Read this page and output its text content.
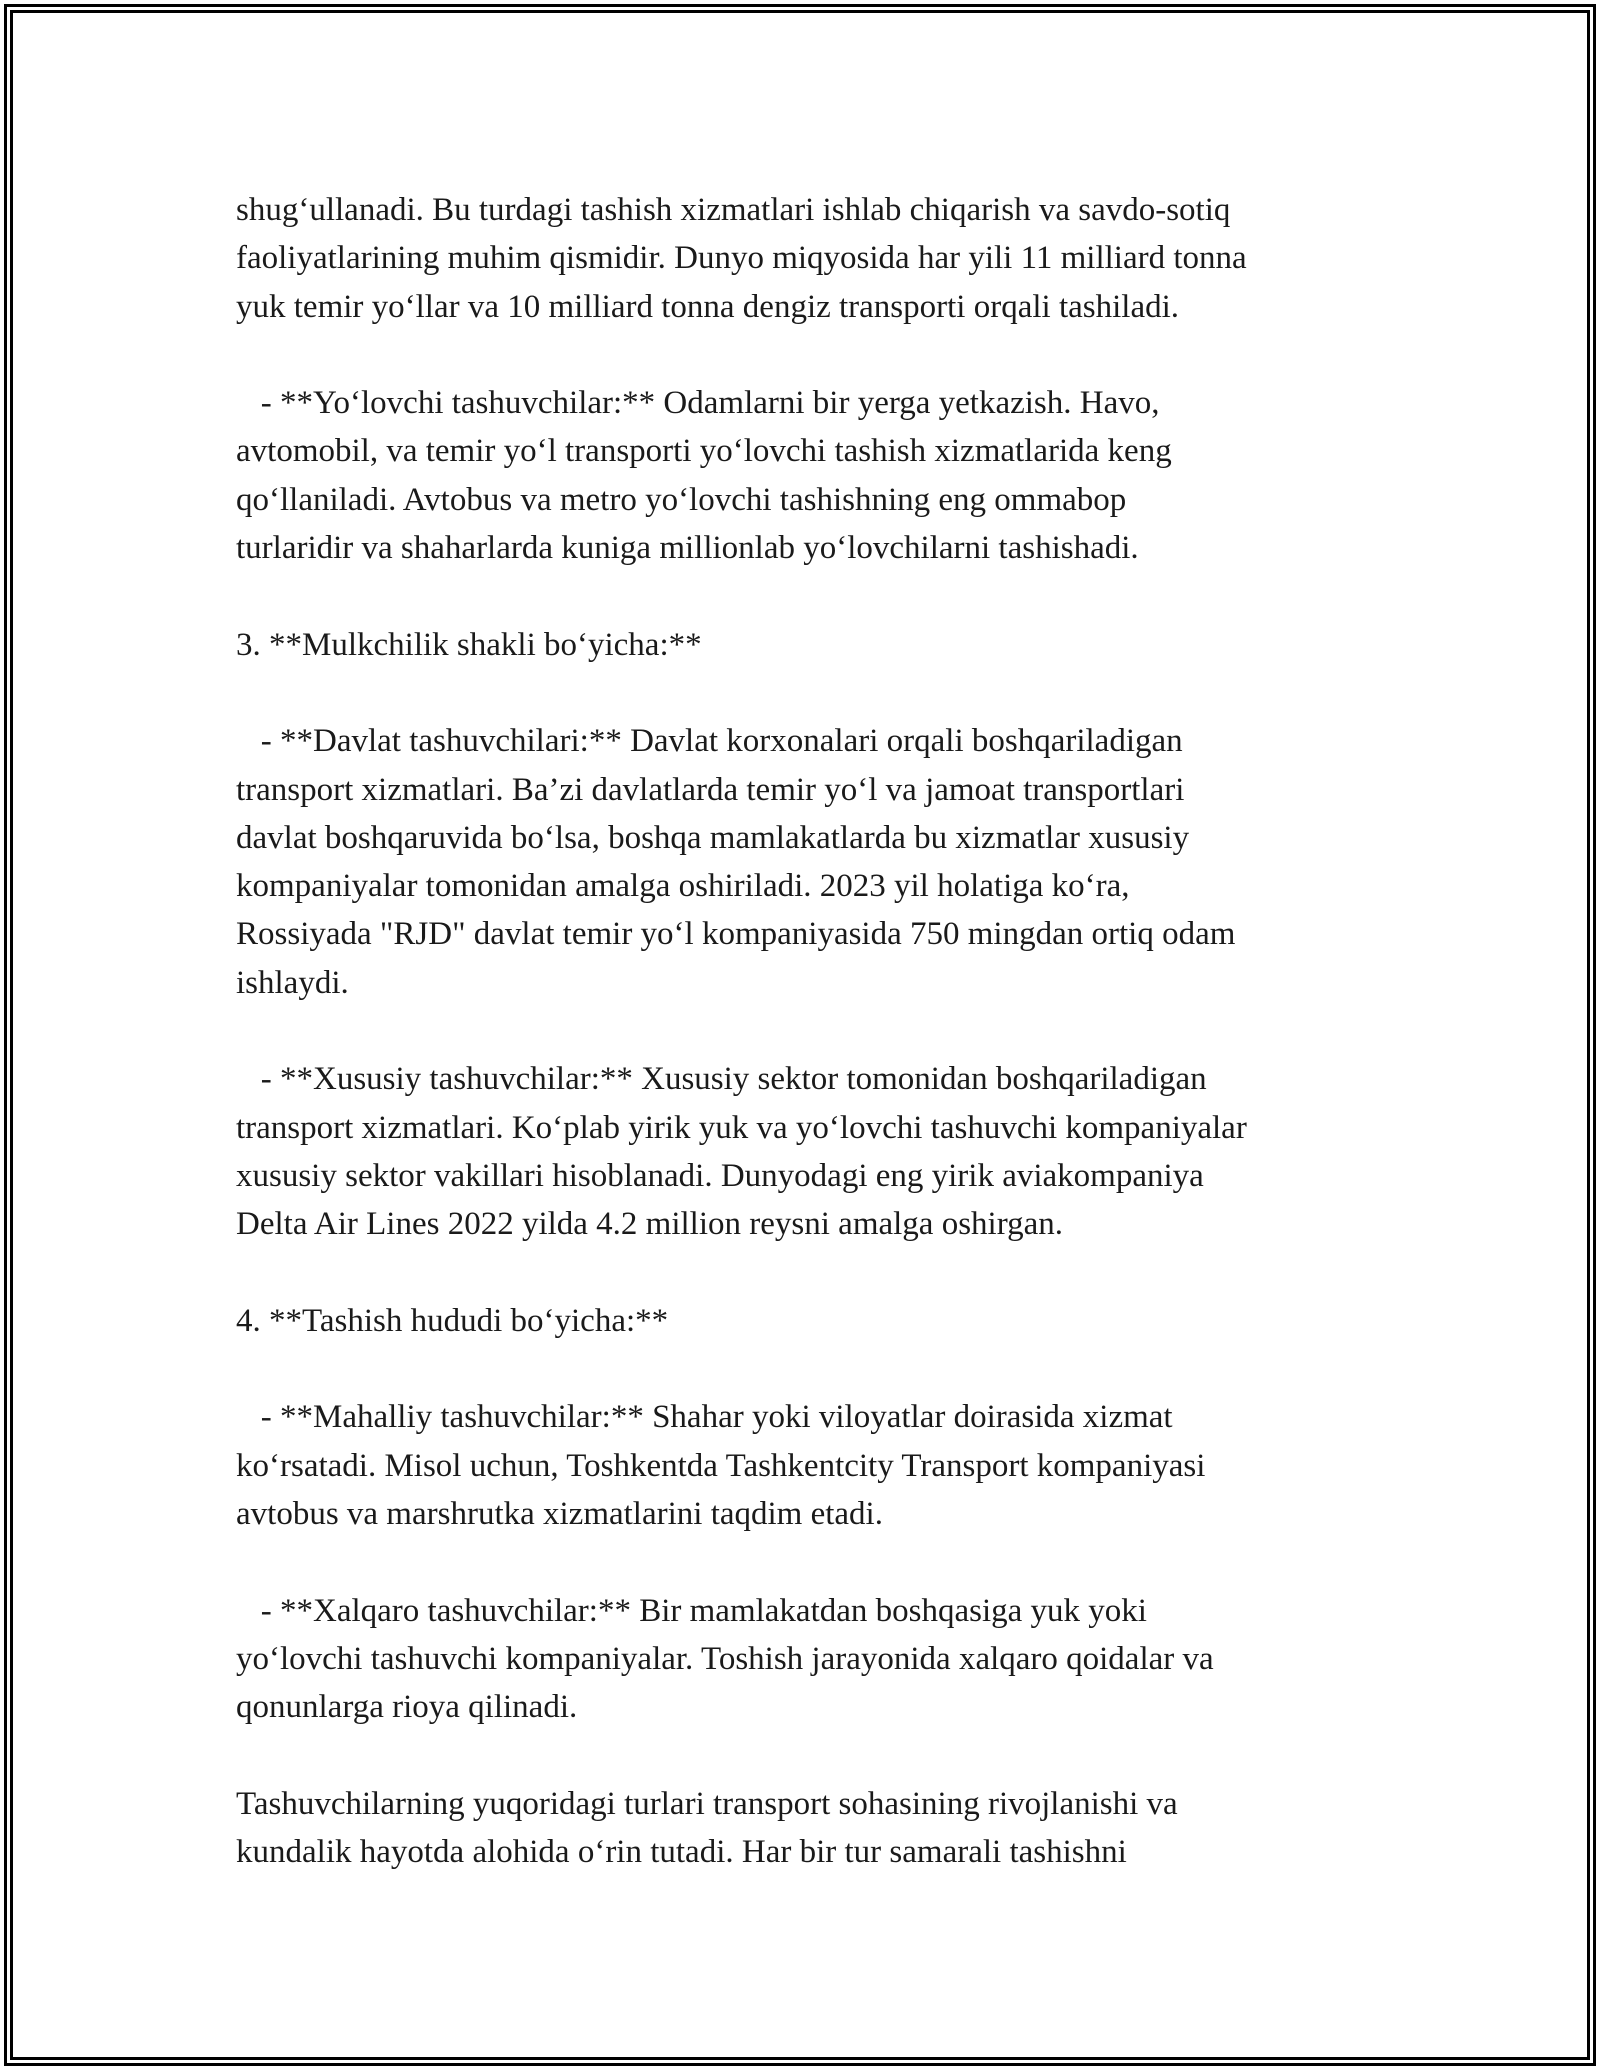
shug‘ullanadi. Bu turdagi tashish xizmatlari ishlab chiqarish va savdo-sotiq
faoliyatlarining muhim qismidir. Dunyo miqyosida har yili 11 milliard tonna
yuk temir yo‘llar va 10 milliard tonna dengiz transporti orqali tashiladi.

- **Yo‘lovchi tashuvchilar:** Odamlarni bir yerga yetkazish. Havo,
avtomobil, va temir yo‘l transporti yo‘lovchi tashish xizmatlarida keng
qo‘llaniladi. Avtobus va metro yo‘lovchi tashishning eng ommabop
turlaridir va shaharlarda kuniga millionlab yo‘lovchilarni tashishadi.

3. **Mulkchilik shakli bo‘yicha:**

- **Davlat tashuvchilari:** Davlat korxonalari orqali boshqariladigan
transport xizmatlari. Ba’zi davlatlarda temir yo‘l va jamoat transportlari
davlat boshqaruvida bo‘lsa, boshqa mamlakatlarda bu xizmatlar xususiy
kompaniyalar tomonidan amalga oshiriladi. 2023 yil holatiga ko‘ra,
Rossiyada "RJD" davlat temir yo‘l kompaniyasida 750 mingdan ortiq odam
ishlaydi.

- **Xususiy tashuvchilar:** Xususiy sektor tomonidan boshqariladigan
transport xizmatlari. Ko‘plab yirik yuk va yo‘lovchi tashuvchi kompaniyalar
xususiy sektor vakillari hisoblanadi. Dunyodagi eng yirik aviakompaniya
Delta Air Lines 2022 yilda 4.2 million reysni amalga oshirgan.

4. **Tashish hududi bo‘yicha:**

- **Mahalliy tashuvchilar:** Shahar yoki viloyatlar doirasida xizmat
ko‘rsatadi. Misol uchun, Toshkentda Tashkentcity Transport kompaniyasi
avtobus va marshrutka xizmatlarini taqdim etadi.

- **Xalqaro tashuvchilar:** Bir mamlakatdan boshqasiga yuk yoki
yo‘lovchi tashuvchi kompaniyalar. Toshish jarayonida xalqaro qoidalar va
qonunlarga rioya qilinadi.

Tashuvchilarning yuqoridagi turlari transport sohasining rivojlanishi va
kundalik hayotda alohida o‘rin tutadi. Har bir tur samarali tashishni
